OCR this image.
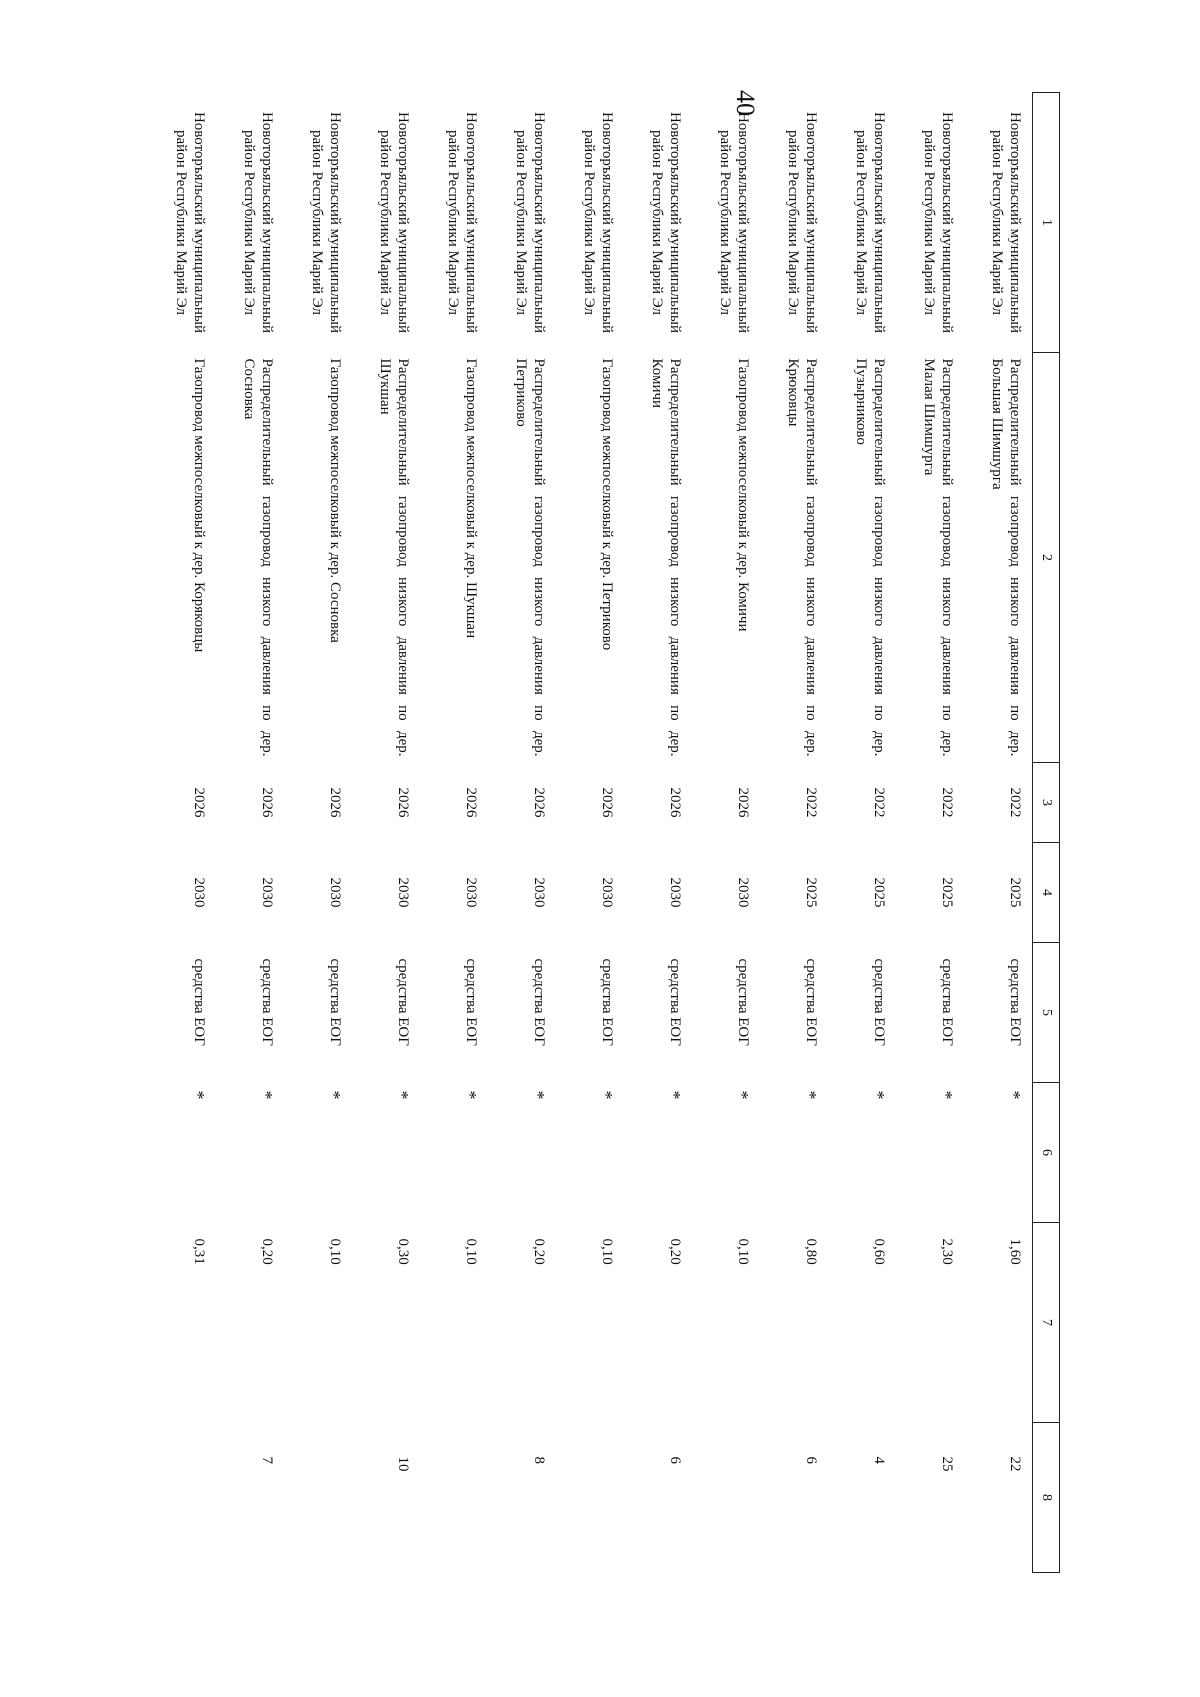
40
1	2	3	4	5	6	7	8
Новоторъяльский муниципальный район Республики Марий Эл	Распределительный газопровод низкого давления по дер. Большая Шимшурга	2022	2025	средства ЕОГ	*	1,60	22
Новоторъяльский муниципальный район Республики Марий Эл	Распределительный газопровод низкого давления по дер. Малая Шимшурга	2022	2025	средства ЕОГ	*	2,30	25
Новоторъяльский муниципальный район Республики Марий Эл	Распределительный газопровод низкого давления по дер. Пузырниково	2022	2025	средства ЕОГ	*	0,60	4
Новоторъяльский муниципальный район Республики Марий Эл	Распределительный газопровод низкого давления по дер. Крюковцы	2022	2025	средства ЕОГ	*	0,80	6
Новоторъяльский муниципальный район Республики Марий Эл	Газопровод межпоселковый к дер. Комичи	2026	2030	средства ЕОГ	*	0,10	
Новоторъяльский муниципальный район Республики Марий Эл	Распределительный газопровод низкого давления по дер. Комичи	2026	2030	средства ЕОГ	*	0,20	6
Новоторъяльский муниципальный район Республики Марий Эл	Газопровод межпоселковый к дер. Петриково	2026	2030	средства ЕОГ	*	0,10	
Новоторъяльский муниципальный район Республики Марий Эл	Распределительный газопровод низкого давления по дер. Петриково	2026	2030	средства ЕОГ	*	0,20	8
Новоторъяльский муниципальный район Республики Марий Эл	Газопровод межпоселковый к дер. Шукшан	2026	2030	средства ЕОГ	*	0,10	
Новоторъяльский муниципальный район Республики Марий Эл	Распределительный газопровод низкого давления по дер. Шукшан	2026	2030	средства ЕОГ	*	0,30	10
Новоторъяльский муниципальный район Республики Марий Эл	Газопровод межпоселковый к дер. Сосновка	2026	2030	средства ЕОГ	*	0,10	
Новоторъяльский муниципальный район Республики Марий Эл	Распределительный газопровод низкого давления по дер. Сосновка	2026	2030	средства ЕОГ	*	0,20	7
Новоторъяльский муниципальный район Республики Марий Эл	Газопровод межпоселковый к дер. Коряковцы	2026	2030	средства ЕОГ	*	0,31	
